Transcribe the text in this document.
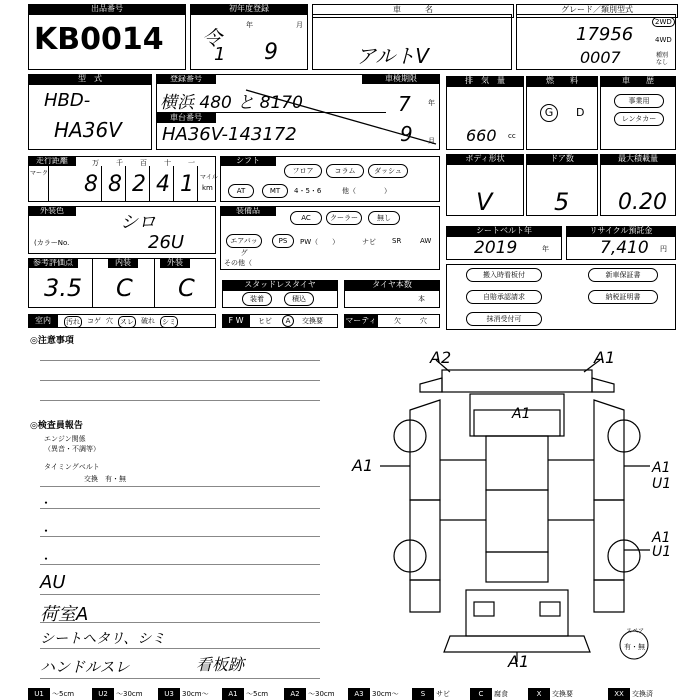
出品番号
KB0014
初年度登録
年	月
令
1 9
車　　　名
アルトV
グレード／類別型式
17956
0007
2WD
4WD
種別
なし
型　式
HBD-
HA36V
登録番号
横浜 480 と 8170
車台番号
HA36V-143172
車検期限
7 年
9 月
排　気　量
660 cc
燃　　料
G	D
車　　歴
事業用
レンタカー
走行距離
マーク
万
8
千
8
百
2
十
4
一
1 マイル
km
シフト
フロア	コラム	ダッシュ
AT	MT	4・5・6	他（　　　　）
ボディ形状
V
ドア数
5
最大積載量
0.20
外装色
シロ
(カラーNo.	26U
装備品
AC	クーラー	無し
エアバッグ
PS	PW（　　）	ナビ SR	AW
その他（
シートベルト年
2019	年
リサイクル預託金
7,410 円
参考評価点	内装	外装
3.5 C C	スタッドレスタイヤ
装着	積込
タイヤ本数
本
搬入時看板付
自賠承認請求
抹消受付可
新車保証書
納税証明書
室内	汚れ コゲ 穴 スレ 破れ シミ	F W	ヒビ	A	交換要	マーティス
欠	穴
◎注意事項
◎検査員報告
エンジン関係
（異音・不調等）
タイミングベルト
交換　有・無
・
・
・
AU
荷室A
シートヘタリ、シミ
ハンドルスレ	看板跡
A2	A1
A1
A1	A1
U1
A1
U1
A1
スペア
有・無
U1	～5cm	U2	～30cm	U3	30cm～	A1	～5cm	A2	～30cm	A3	30cm～	S	サビ	C	腐食	X	交換要	XX	交換済
